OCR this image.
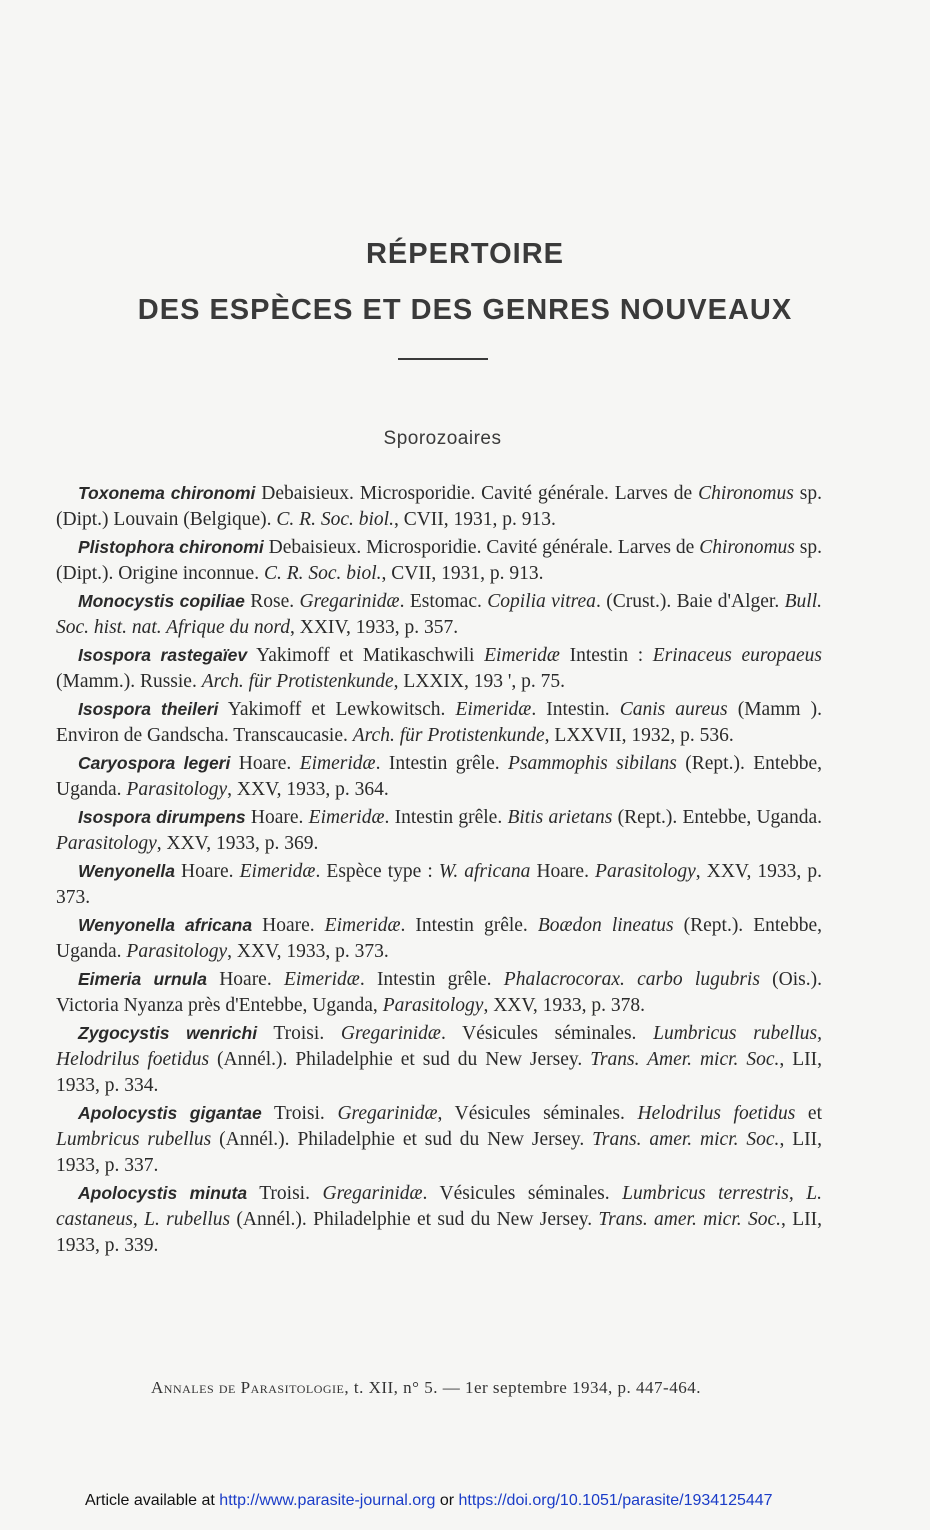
RÉPERTOIRE
DES ESPÈCES ET DES GENRES NOUVEAUX
Sporozoaires

Toxonema chironomi Debaisieux. Microsporidie. Cavité générale. Larves de Chironomus sp. (Dipt.) Louvain (Belgique). C. R. Soc. biol., CVII, 1931, p. 913.

Plistophora chironomi Debaisieux. Microsporidie. Cavité générale. Larves de Chironomus sp. (Dipt.). Origine inconnue. C. R. Soc. biol., CVII, 1931, p. 913.

Monocystis copiliae Rose. Gregarinidæ. Estomac. Copilia vitrea. (Crust.). Baie d'Alger. Bull. Soc. hist. nat. Afrique du nord, XXIV, 1933, p. 357.

Isospora rastegaïev Yakimoff et Matikaschwili Eimeridæ Intestin : Erinaceus europaeus (Mamm.). Russie. Arch. für Protistenkunde, LXXIX, 193 ', p. 75.

Isospora theileri Yakimoff et Lewkowitsch. Eimeridæ. Intestin. Canis aureus (Mamm ). Environ de Gandscha. Transcaucasie. Arch. für Protistenkunde, LXXVII, 1932, p. 536.

Caryospora legeri Hoare. Eimeridæ. Intestin grêle. Psammophis sibilans (Rept.). Entebbe, Uganda. Parasitology, XXV, 1933, p. 364.

Isospora dirumpens Hoare. Eimeridæ. Intestin grêle. Bitis arietans (Rept.). Entebbe, Uganda. Parasitology, XXV, 1933, p. 369.

Wenyonella Hoare. Eimeridæ. Espèce type : W. africana Hoare. Parasitology, XXV, 1933, p. 373.

Wenyonella africana Hoare. Eimeridæ. Intestin grêle. Boædon lineatus (Rept.). Entebbe, Uganda. Parasitology, XXV, 1933, p. 373.

Eimeria urnula Hoare. Eimeridæ. Intestin grêle. Phalacrocorax. carbo lugubris (Ois.). Victoria Nyanza près d'Entebbe, Uganda, Parasitology, XXV, 1933, p. 378.

Zygocystis wenrichi Troisi. Gregarinidæ. Vésicules séminales. Lumbricus rubellus, Helodrilus foetidus (Annél.). Philadelphie et sud du New Jersey. Trans. Amer. micr. Soc., LII, 1933, p. 334.

Apolocystis gigantae Troisi. Gregarinidæ, Vésicules séminales. Helodrilus foetidus et Lumbricus rubellus (Annél.). Philadelphie et sud du New Jersey. Trans. amer. micr. Soc., LII, 1933, p. 337.

Apolocystis minuta Troisi. Gregarinidæ. Vésicules séminales. Lumbricus terrestris, L. castaneus, L. rubellus (Annél.). Philadelphie et sud du New Jersey. Trans. amer. micr. Soc., LII, 1933, p. 339.

Annales de Parasitologie, t. XII, n° 5. — 1er septembre 1934, p. 447-464.
Article available at http://www.parasite-journal.org or https://doi.org/10.1051/parasite/1934125447
